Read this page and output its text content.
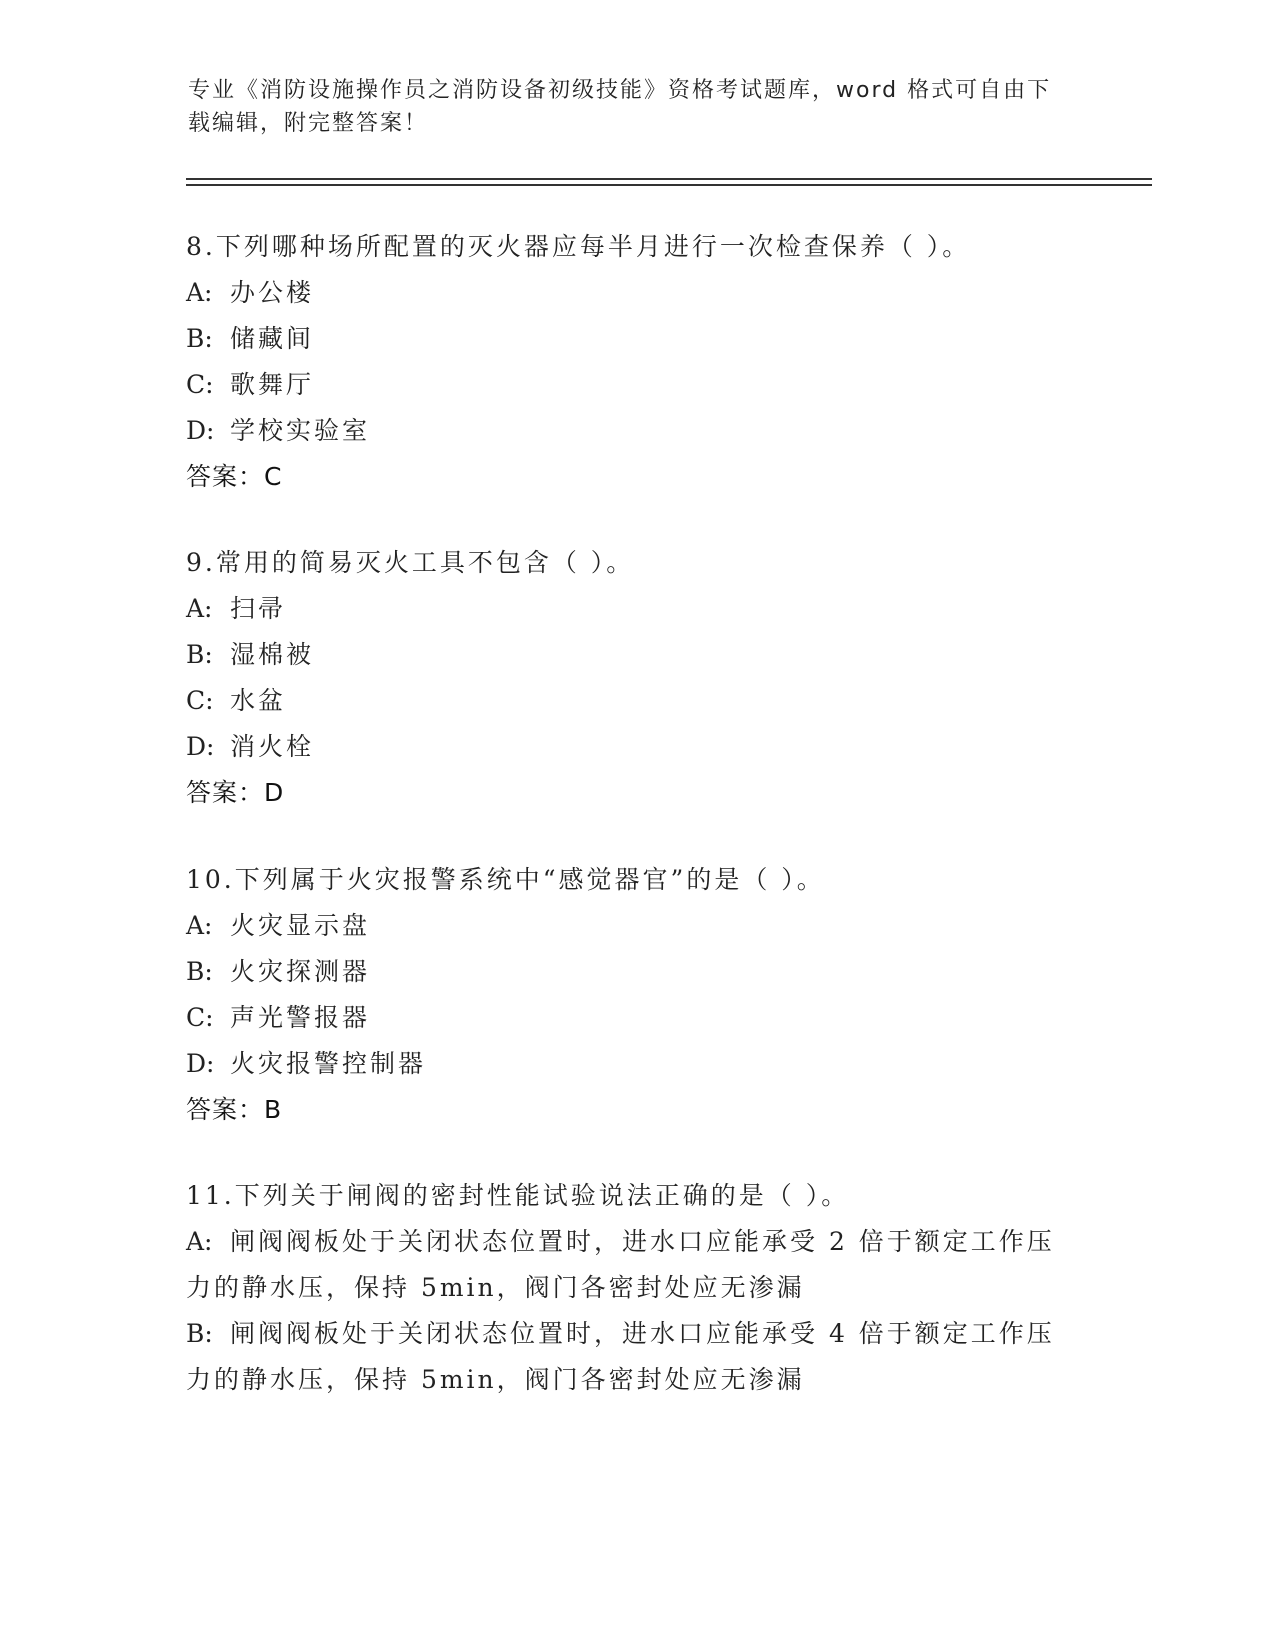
专业《消防设施操作员之消防设备初级技能》资格考试题库，word 格式可自由下载编辑，附完整答案！
8.下列哪种场所配置的灭火器应每半月进行一次检查保养（ ）。
A: 办公楼
B: 储藏间
C: 歌舞厅
D: 学校实验室
答案：C
9.常用的简易灭火工具不包含（ ）。
A: 扫帚
B: 湿棉被
C: 水盆
D: 消火栓
答案：D
10.下列属于火灾报警系统中“感觉器官”的是（ ）。
A: 火灾显示盘
B: 火灾探测器
C: 声光警报器
D: 火灾报警控制器
答案：B
11.下列关于闸阀的密封性能试验说法正确的是（ ）。
A: 闸阀阀板处于关闭状态位置时，进水口应能承受 2 倍于额定工作压
力的静水压，保持 5min，阀门各密封处应无渗漏
B: 闸阀阀板处于关闭状态位置时，进水口应能承受 4 倍于额定工作压
力的静水压，保持 5min，阀门各密封处应无渗漏
